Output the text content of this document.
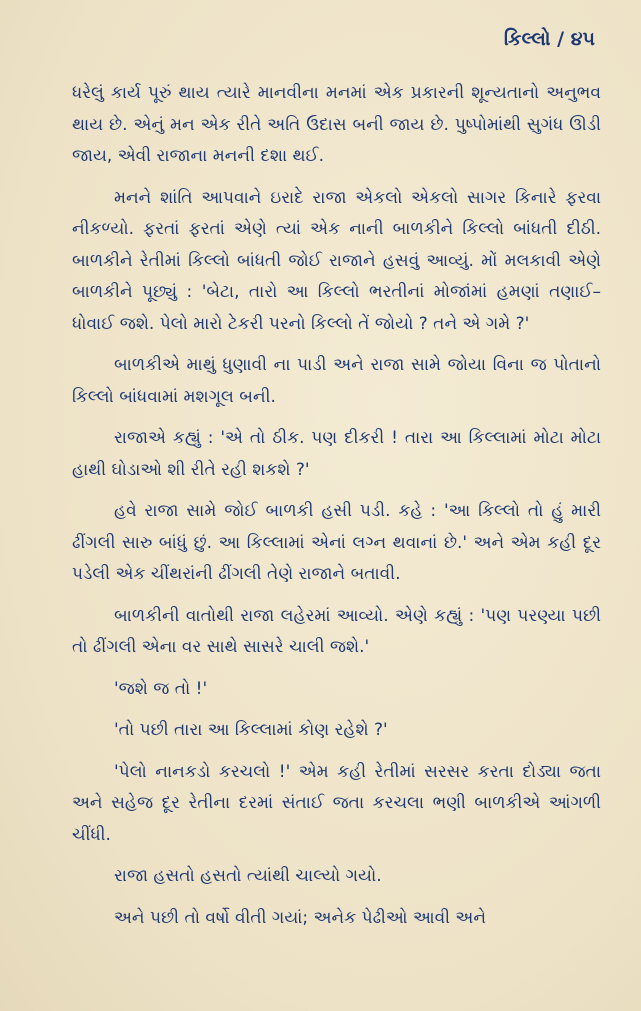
કિલ્લો / ૪૫

ધરેલું કાર્ય પૂરું થાય ત્યારે માનવીના મનમાં એક પ્રકારની શૂન્યતાનો અનુભવ થાય છે. એનું મન એક રીતે અતિ ઉદાસ બની જાય છે. પુષ્પોમાંથી સુગંધ ઊડી જાય, એવી રાજાના મનની દશા થઈ.

મનને શાંતિ આપવાને ઇરાદે રાજા એકલો એકલો સાગર કિનારે ફરવા નીકળ્યો. ફરતાં ફરતાં એણે ત્યાં એક નાની બાળકીને કિલ્લો બાંધતી દીઠી. બાળકીને રેતીમાં કિલ્લો બાંધતી જોઈ રાજાને હસવું આવ્યું. મોં મલકાવી એણે બાળકીને પૂછ્યું : 'બેટા, તારો આ કિલ્લો ભરતીનાં મોજાંમાં હમણાં તણાઈ–ધોવાઈ જશે. પેલો મારો ટેકરી પરનો કિલ્લો તેં જોયો ? તને એ ગમે ?'

બાળકીએ માથું ધુણાવી ના પાડી અને રાજા સામે જોયા વિના જ પોતાનો કિલ્લો બાંધવામાં મશગૂલ બની.

રાજાએ કહ્યું : 'એ તો ઠીક. પણ દીકરી ! તારા આ કિલ્લામાં મોટા મોટા હાથી ઘોડાઓ શી રીતે રહી શકશે ?'

હવે રાજા સામે જોઈ બાળકી હસી પડી. કહે : 'આ કિલ્લો તો હું મારી ઢીંગલી સારુ બાંધું છું. આ કિલ્લામાં એનાં લગ્ન થવાનાં છે.' અને એમ કહી દૂર પડેલી એક ચીંથરાંની ઢીંગલી તેણે રાજાને બતાવી.

બાળકીની વાતોથી રાજા લહેરમાં આવ્યો. એણે કહ્યું : 'પણ પરણ્યા પછી તો ઢીંગલી એના વર સાથે સાસરે ચાલી જશે.'

'જશે જ તો !'

'તો પછી તારા આ કિલ્લામાં કોણ રહેશે ?'

'પેલો નાનકડો કરચલો !' એમ કહી રેતીમાં સરસર કરતા દોડ્યા જતા અને સહેજ દૂર રેતીના દરમાં સંતાઈ જતા કરચલા ભણી બાળકીએ આંગળી ચીંધી.

રાજા હસતો હસતો ત્યાંથી ચાલ્યો ગયો.

અને પછી તો વર્ષો વીતી ગયાં; અનેક પેઢીઓ આવી અને
